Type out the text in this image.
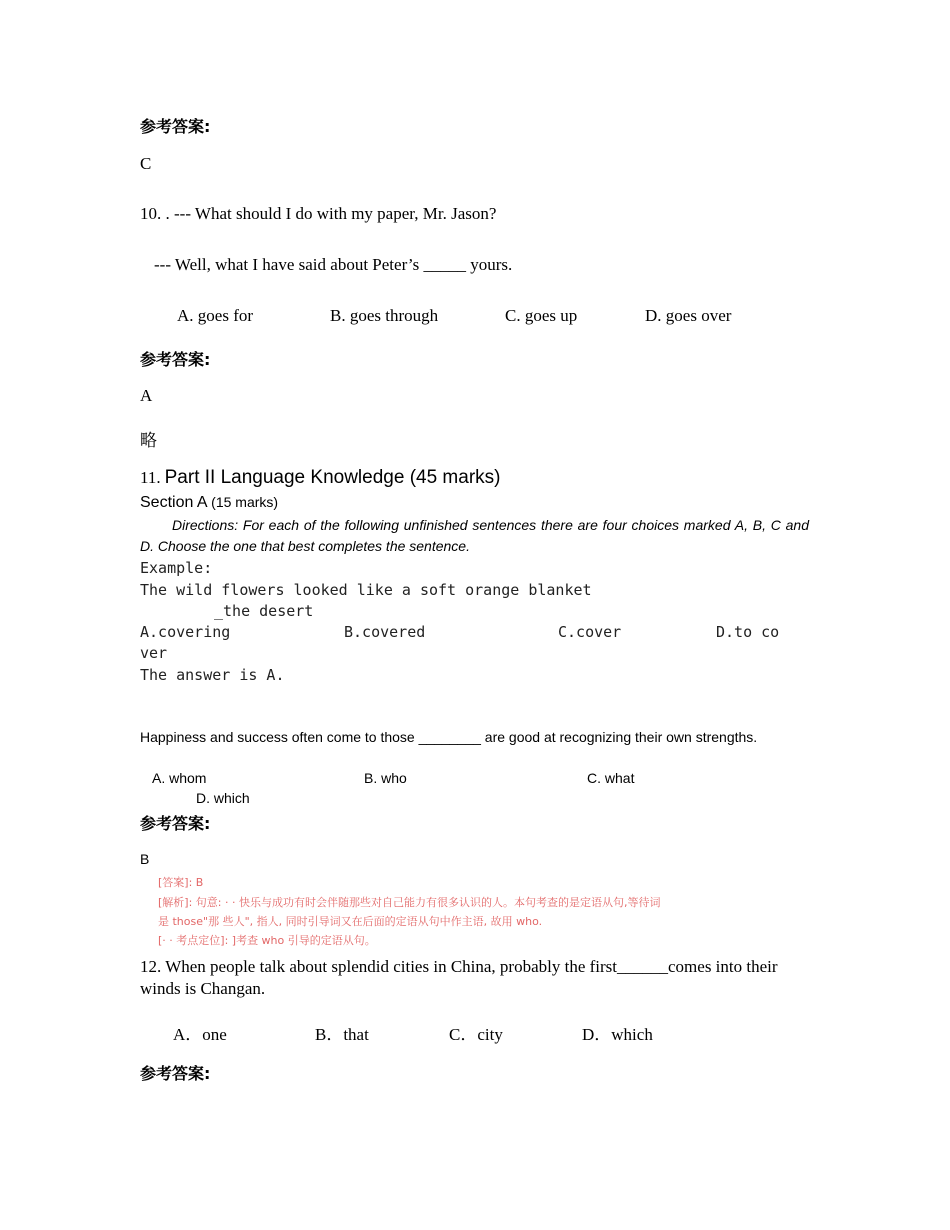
参考答案:
C
10. . --- What should I do with my paper, Mr. Jason?
--- Well, what I have said about Peter’s _____ yours.
A. goes for	B. goes through	C. goes up	D. goes over
参考答案:
A
略
11. Part II Language Knowledge (45 marks)
Section A (15 marks)
Directions: For each of the following unfinished sentences there are four choices marked A, B, C and D. Choose the one that best completes the sentence.
Example:
The wild flowers looked like a soft orange blanket
_the desert
A.covering	B.covered	C.cover	D.to co
ver
The answer is A.
Happiness and success often come to those ________ are good at recognizing their own strengths.
A. whom	B. who	C. what
D. which
参考答案:
B
[答案]: B
[解析]: 句意: · · 快乐与成功有时会伴随那些对自己能力有很多认识的人。本句考查的是定语从句,等待词
是 those"那 些人", 指人, 同时引导词又在后面的定语从句中作主语, 故用 who.
[· · 考点定位]: ]考查 who 引导的定语从句。
12. When people talk about splendid cities in China, probably the first______comes into their winds is Changan.
A．one	B．that	C．city	D．which
参考答案:
